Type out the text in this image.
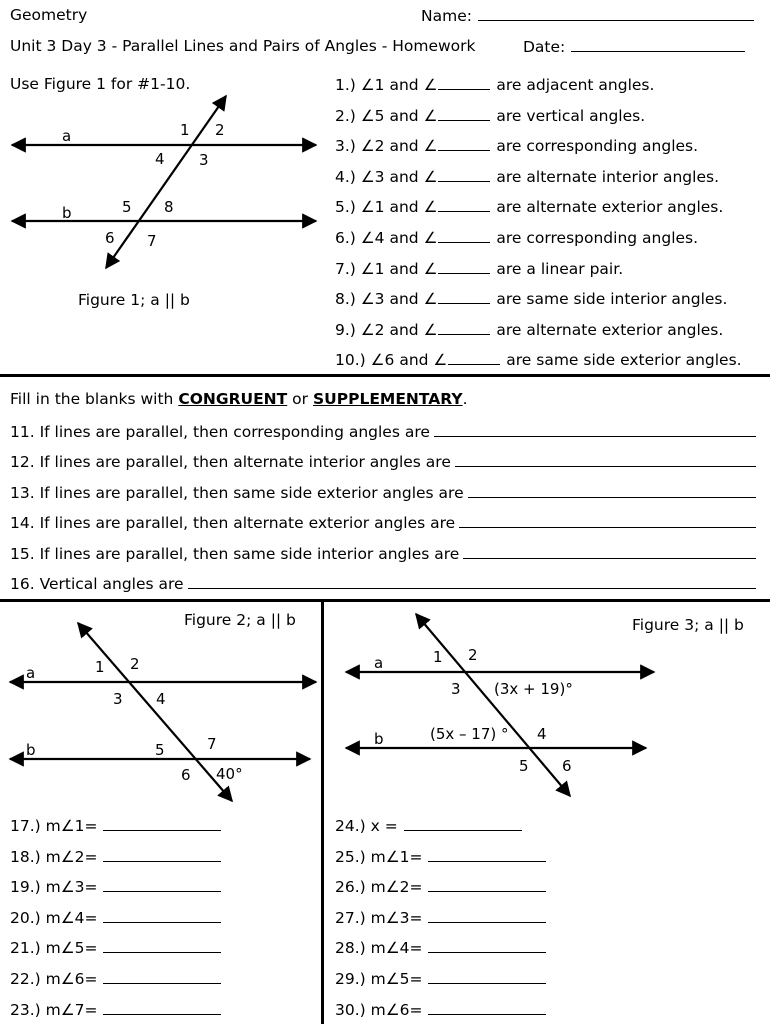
Geometry	Name:
Unit 3 Day 3 - Parallel Lines and Pairs of Angles - Homework	Date:
Use Figure 1 for #1-10.
a
b
1 2
4 3
5 8
6 7
Figure 1; a || b
1.) ∠1 and ∠	are adjacent angles.
2.) ∠5 and ∠	are vertical angles.
3.) ∠2 and ∠	are corresponding angles.
4.) ∠3 and ∠	are alternate interior angles.
5.) ∠1 and ∠	are alternate exterior angles.
6.) ∠4 and ∠	are corresponding angles.
7.) ∠1 and ∠	are a linear pair.
8.) ∠3 and ∠	are same side interior angles.
9.) ∠2 and ∠	are alternate exterior angles.
10.) ∠6 and ∠	are same side exterior angles.
Fill in the blanks with CONGRUENT or SUPPLEMENTARY.
11. If lines are parallel, then corresponding angles are
12. If lines are parallel, then alternate interior angles are
13. If lines are parallel, then same side exterior angles are
14. If lines are parallel, then alternate exterior angles are
15. If lines are parallel, then same side interior angles are
16. Vertical angles are
Figure 2; a || b
a
b
1 2
3 4
5	7
6 40°
17.) m∠1=
18.) m∠2=
19.) m∠3=
20.) m∠4=
21.) m∠5=
22.) m∠6=
23.) m∠7=
Figure 3; a || b
a
b
1 2
3 (3x + 19)°
(5x – 17) ° 4
5 6
24.) x =
25.) m∠1=
26.) m∠2=
27.) m∠3=
28.) m∠4=
29.) m∠5=
30.) m∠6=
